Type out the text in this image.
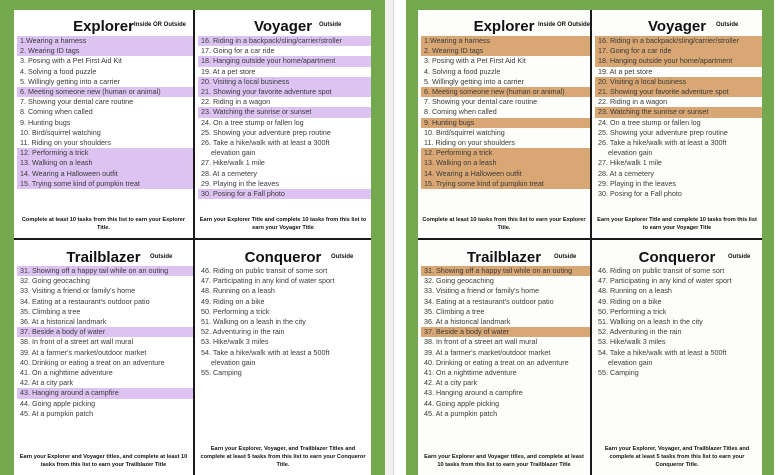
Explorer Inside OR Outside
1.Wearing a harness
2. Wearing ID tags
3. Posing with a Pet First Aid Kit
4. Solving a food puzzle
5. Willingly getting into a carrier
6. Meeting someone new (human or animal)
7. Showing your dental care routine
8. Coming when called
9. Hunting bugs
10. Bird/squirrel watching
11. Riding on your shoulders
12. Performing a trick
13. Walking on a leash
14. Wearing a Halloween outfit
15. Trying some kind of pumpkin treat
Complete at least 10 tasks from this list to earn your Explorer Title.
Voyager	Outside
16. Riding in a backpack/sling/carrier/stroller
17. Going for a car ride
18. Hanging outside your home/apartment
19. At a pet store
20. Visiting a local business
21. Showing your favorite adventure spot
22. Riding in a wagon
23. Watching the sunrise or sunset
24. On a tree stump or fallen log
25. Showing your adventure prep routine
26. Take a hike/walk with at least a 300ft
elevation gain
27. Hike/walk 1 mile
28. At a cemetery
29. Playing in the leaves
30. Posing for a Fall photo
Earn your Explorer Title and complete 10 tasks from this list to earn your Voyager Title
Trailblazer	Outside
31. Showing off a happy tail while on an outing
32. Going geocaching
33. Visiting a friend or family's home
34. Eating at a restaurant's outdoor patio
35. Climbing a tree
36. At a historical landmark
37. Beside a body of water
38. In front of a street art wall mural
39. At a farmer's market/outdoor market
40. Drinking or eating a treat on an adventure
41. On a nighttime adventure
42. At a city park
43. Hanging around a campfire
44. Going apple picking
45. At a pumpkin patch
Earn your Explorer and Voyager titles, and complete at least 10 tasks from this list to earn your Trailblazer Title
Conqueror	Outside
46. Riding on public transit of some sort
47. Participating in any kind of water sport
48. Running on a leash
49. Riding on a bike
50. Performing a trick
51. Walking on a leash in the city
52. Adventuring in the rain
53. Hike/walk 3 miles
54. Take a hike/walk with at least a 500ft
elevation gain
55. Camping
Earn your Explorer, Voyager, and Trailblazer Titles and complete at least 5 tasks from this list to earn your Conqueror Title.
Explorer Inside OR Outside
1.Wearing a harness
2. Wearing ID tags
3. Posing with a Pet First Aid Kit
4. Solving a food puzzle
5. Willingly getting into a carrier
6. Meeting someone new (human or animal)
7. Showing your dental care routine
8. Coming when called
9. Hunting bugs
10. Bird/squirrel watching
11. Riding on your shoulders
12. Performing a trick
13. Walking on a leash
14. Wearing a Halloween outfit
15. Trying some kind of pumpkin treat
Complete at least 10 tasks from this list to earn your Explorer Title.
Voyager	Outside
16. Riding in a backpack/sling/carrier/stroller
17. Going for a car ride
18. Hanging outside your home/apartment
19. At a pet store
20. Visiting a local business
21. Showing your favorite adventure spot
22. Riding in a wagon
23. Watching the sunrise or sunset
24. On a tree stump or fallen log
25. Showing your adventure prep routine
26. Take a hike/walk with at least a 300ft
elevation gain
27. Hike/walk 1 mile
28. At a cemetery
29. Playing in the leaves
30. Posing for a Fall photo
Earn your Explorer Title and complete 10 tasks from this list to earn your Voyager Title
Trailblazer	Outside
31. Showing off a happy tail while on an outing
32. Going geocaching
33. Visiting a friend or family's home
34. Eating at a restaurant's outdoor patio
35. Climbing a tree
36. At a historical landmark
37. Beside a body of water
38. In front of a street art wall mural
39. At a farmer's market/outdoor market
40. Drinking or eating a treat on an adventure
41. On a nighttime adventure
42. At a city park
43. Hanging around a campfire
44. Going apple picking
45. At a pumpkin patch
Earn your Explorer and Voyager titles, and complete at least 10 tasks from this list to earn your Trailblazer Title
Conqueror	Outside
46. Riding on public transit of some sort
47. Participating in any kind of water sport
48. Running on a leash
49. Riding on a bike
50. Performing a trick
51. Walking on a leash in the city
52. Adventuring in the rain
53. Hike/walk 3 miles
54. Take a hike/walk with at least a 500ft
elevation gain
55. Camping
Earn your Explorer, Voyager, and Trailblazer Titles and complete at least 5 tasks from this list to earn your Conqueror Title.
